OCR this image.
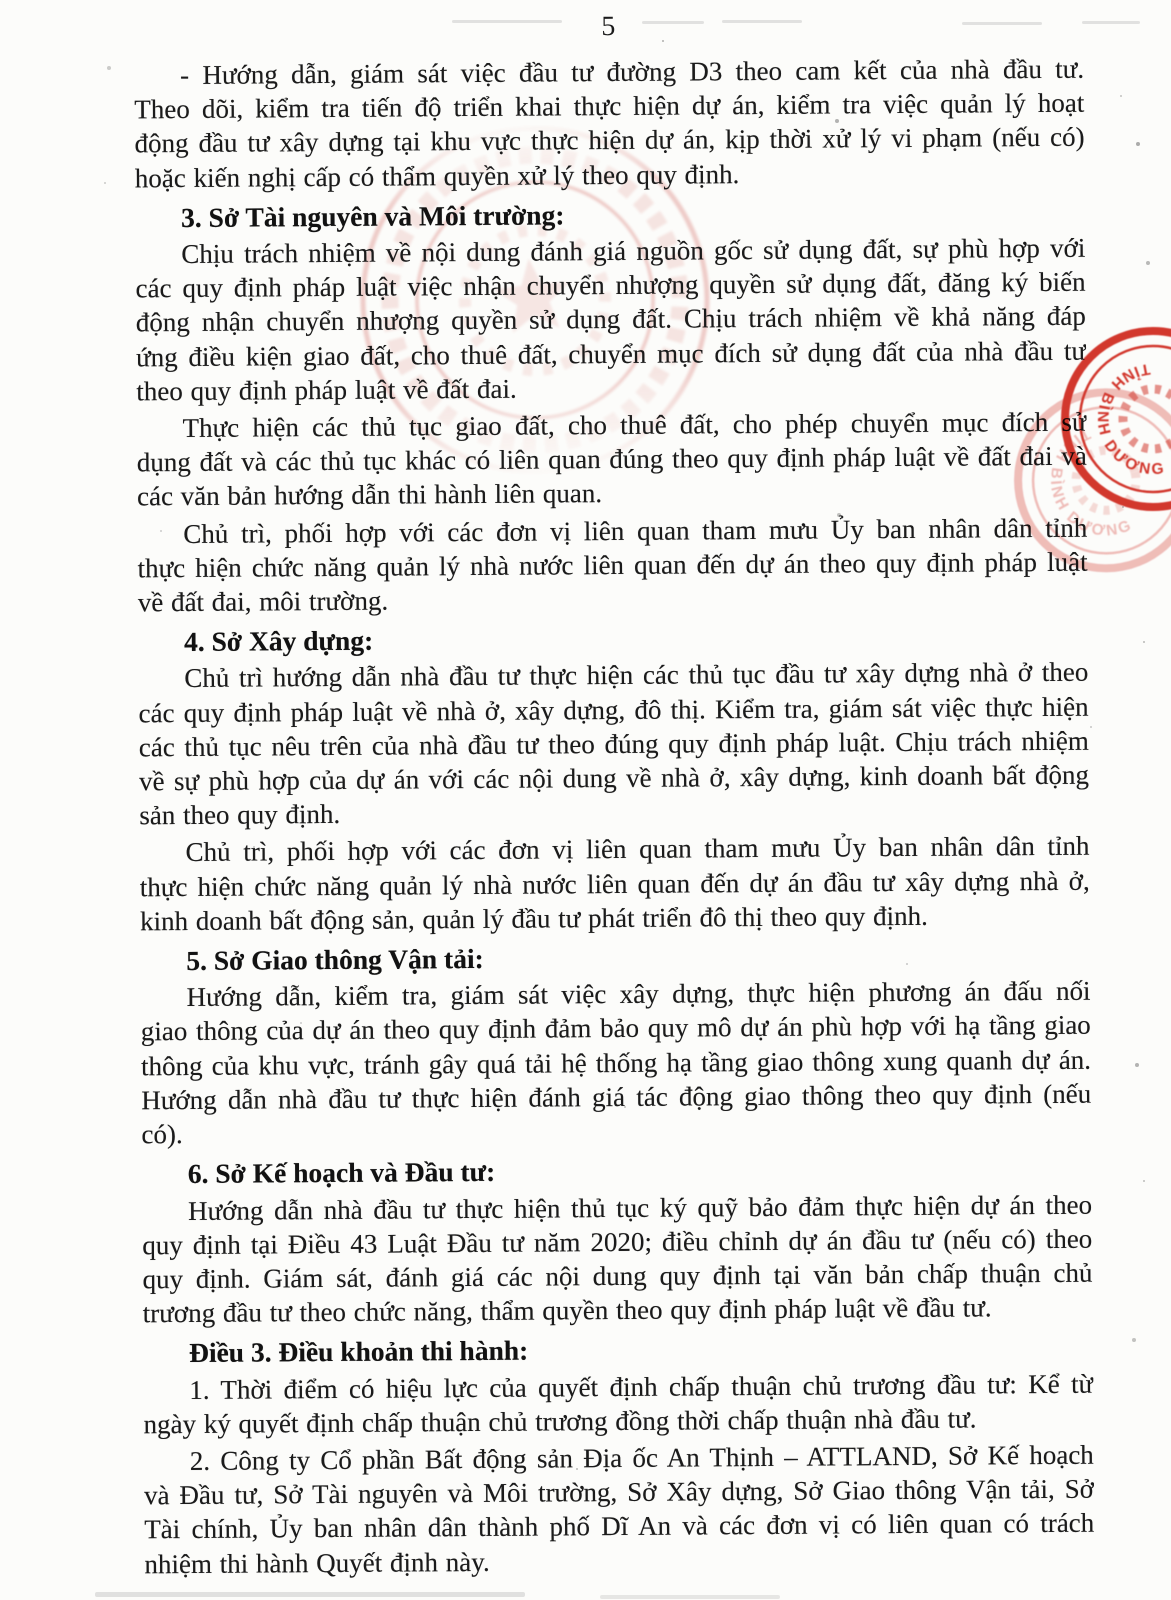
5
- Hướng dẫn, giám sát việc đầu tư đường D3 theo cam kết của nhà đầu tư.
Theo dõi, kiểm tra tiến độ triển khai thực hiện dự án, kiểm tra việc quản lý hoạt
động đầu tư xây dựng tại khu vực thực hiện dự án, kịp thời xử lý vi phạm (nếu có)
hoặc kiến nghị cấp có thẩm quyền xử lý theo quy định.
3. Sở Tài nguyên và Môi trường:
Chịu trách nhiệm về nội dung đánh giá nguồn gốc sử dụng đất, sự phù hợp với
các quy định pháp luật việc nhận chuyển nhượng quyền sử dụng đất, đăng ký biến
động nhận chuyển nhượng quyền sử dụng đất. Chịu trách nhiệm về khả năng đáp
ứng điều kiện giao đất, cho thuê đất, chuyển mục đích sử dụng đất của nhà đầu tư
theo quy định pháp luật về đất đai.
Thực hiện các thủ tục giao đất, cho thuê đất, cho phép chuyển mục đích sử
dụng đất và các thủ tục khác có liên quan đúng theo quy định pháp luật về đất đai và
các văn bản hướng dẫn thi hành liên quan.
Chủ trì, phối hợp với các đơn vị liên quan tham mưu Ủy ban nhân dân tỉnh
thực hiện chức năng quản lý nhà nước liên quan đến dự án theo quy định pháp luật
về đất đai, môi trường.
4. Sở Xây dựng:
Chủ trì hướng dẫn nhà đầu tư thực hiện các thủ tục đầu tư xây dựng nhà ở theo
các quy định pháp luật về nhà ở, xây dựng, đô thị. Kiểm tra, giám sát việc thực hiện
các thủ tục nêu trên của nhà đầu tư theo đúng quy định pháp luật. Chịu trách nhiệm
về sự phù hợp của dự án với các nội dung về nhà ở, xây dựng, kinh doanh bất động
sản theo quy định.
Chủ trì, phối hợp với các đơn vị liên quan tham mưu Ủy ban nhân dân tỉnh
thực hiện chức năng quản lý nhà nước liên quan đến dự án đầu tư xây dựng nhà ở,
kinh doanh bất động sản, quản lý đầu tư phát triển đô thị theo quy định.
5. Sở Giao thông Vận tải:
Hướng dẫn, kiểm tra, giám sát việc xây dựng, thực hiện phương án đấu nối
giao thông của dự án theo quy định đảm bảo quy mô dự án phù hợp với hạ tầng giao
thông của khu vực, tránh gây quá tải hệ thống hạ tầng giao thông xung quanh dự án.
Hướng dẫn nhà đầu tư thực hiện đánh giá tác động giao thông theo quy định (nếu
có).
6. Sở Kế hoạch và Đầu tư:
Hướng dẫn nhà đầu tư thực hiện thủ tục ký quỹ bảo đảm thực hiện dự án theo
quy định tại Điều 43 Luật Đầu tư năm 2020; điều chỉnh dự án đầu tư (nếu có) theo
quy định. Giám sát, đánh giá các nội dung quy định tại văn bản chấp thuận chủ
trương đầu tư theo chức năng, thẩm quyền theo quy định pháp luật về đầu tư.
Điều 3. Điều khoản thi hành:
1. Thời điểm có hiệu lực của quyết định chấp thuận chủ trương đầu tư: Kể từ
ngày ký quyết định chấp thuận chủ trương đồng thời chấp thuận nhà đầu tư.
2. Công ty Cổ phần Bất động sản Địa ốc An Thịnh – ATTLAND, Sở Kế hoạch
và Đầu tư, Sở Tài nguyên và Môi trường, Sở Xây dựng, Sở Giao thông Vận tải, Sở
Tài chính, Ủy ban nhân dân thành phố Dĩ An và các đơn vị có liên quan có trách
nhiệm thi hành Quyết định này.
TỈNH BÌNH DƯƠNG
